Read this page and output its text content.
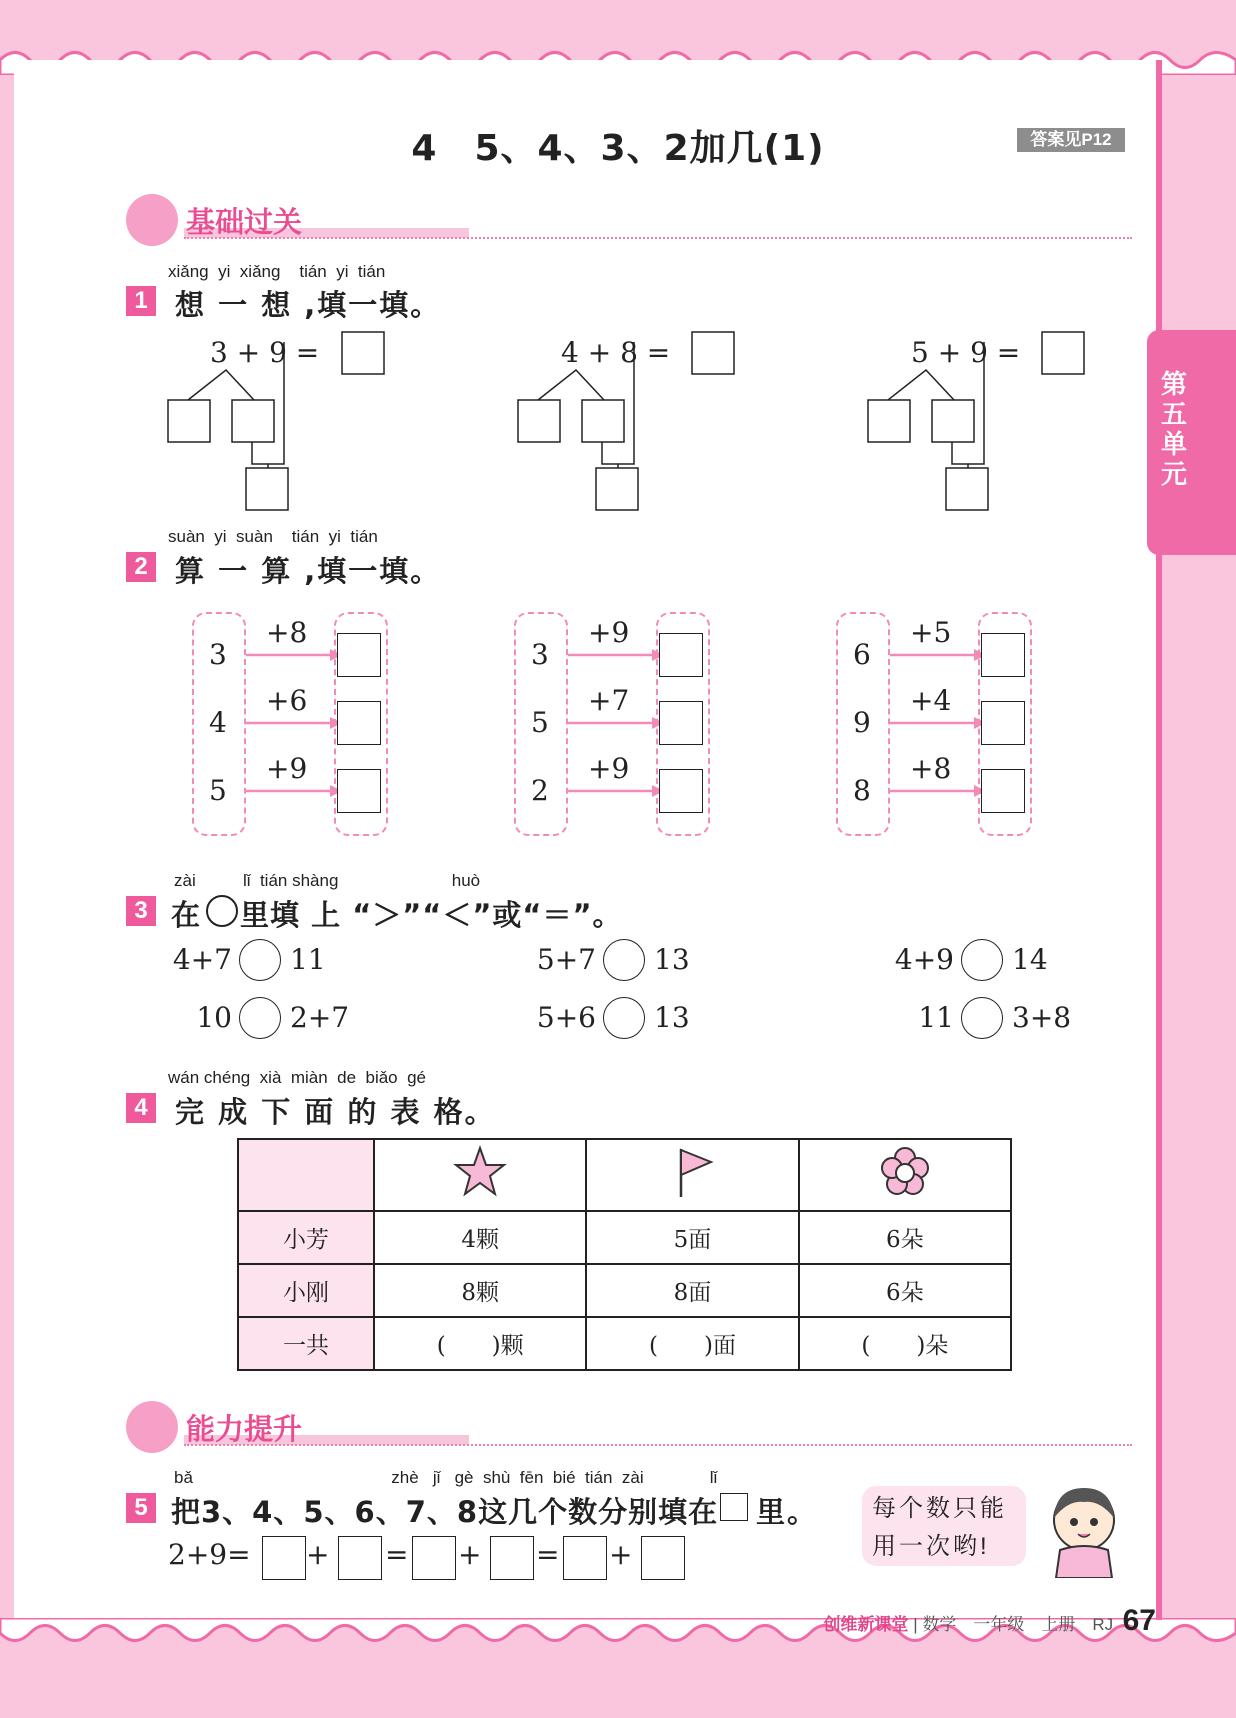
4　5、4、3、2加几(1)	答案见P12
第五单元
基础过关
xiǎng  yi  xiǎng    tián  yi  tián
1 想 一 想 ,填一填。
3 + 9 =	4 + 8 =	5 + 9 =
suàn  yi  suàn    tián  yi  tián
2 算 一 算 ,填一填。
3
+8
4
+6
5
+9
3
+9
5
+7
2
+9
6
+5
9
+4
8
+8
zài          lǐ  tián shàng                        huò
3 在 里填 上 “＞”“＜”或“＝”。
4+7 11	5+7 13	4+9 14
10 2+7	5+6 13	11 3+8
wán chéng  xià  miàn  de  biǎo  gé
4 完 成 下 面 的 表 格。

小芳	4颗	5面	6朵
小刚	8颗	8面	6朵
一共	(　　)颗	(　　)面	(　　)朵
能力提升
bǎ                                          zhè   jǐ   gè  shù  fēn  bié  tián  zài              lǐ
5 把3、4、5、6、7、8这几个数分别填在 里。
2+9= + = + = +
每个数只能
用一次哟!
创维新课堂 | 数学　一年级　上册　RJ 67
